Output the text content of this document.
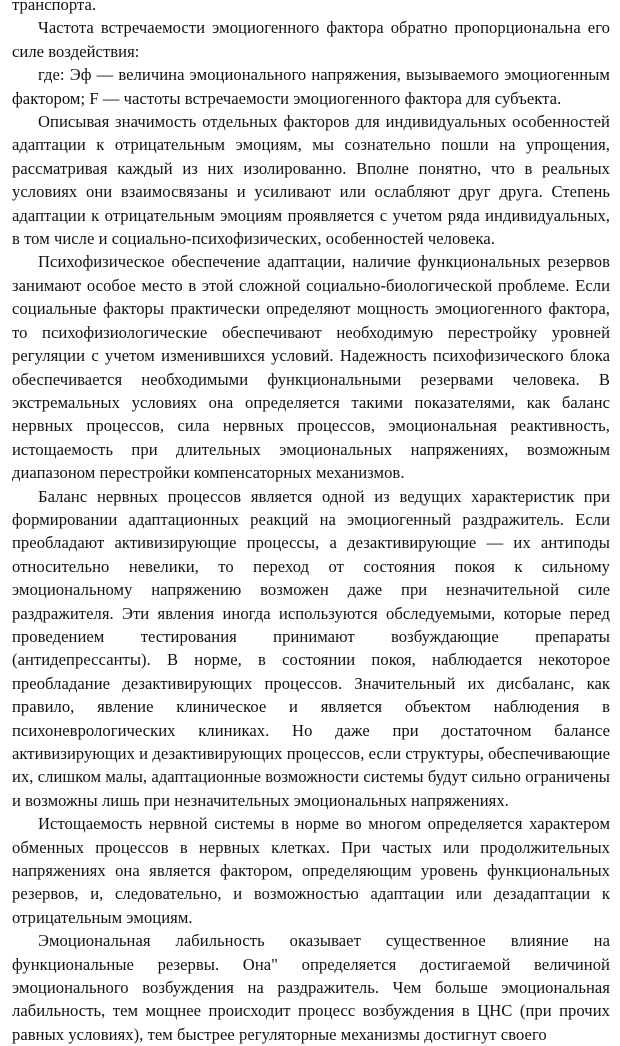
транспорта.

Частота встречаемости эмоциогенного фактора обратно пропорциональна его силе воздействия:

где: Эф — величина эмоционального напряжения, вызываемого эмоциогенным фактором; F — частоты встречаемости эмоциогенного фактора для субъекта.

Описывая значимость отдельных факторов для индивидуальных особенностей адаптации к отрицательным эмоциям, мы сознательно пошли на упрощения, рассматривая каждый из них изолированно. Вполне понятно, что в реальных условиях они взаимосвязаны и усиливают или ослабляют друг друга. Степень адаптации к отрицательным эмоциям проявляется с учетом ряда индивидуальных, в том числе и социально-психофизических, особенностей человека.

Психофизическое обеспечение адаптации, наличие функциональных резервов занимают особое место в этой сложной социально-биологической проблеме. Если социальные факторы практически определяют мощность эмоциогенного фактора, то психофизиологические обеспечивают необходимую перестройку уровней регуляции с учетом изменившихся условий. Надежность психофизического блока обеспечивается необходимыми функциональными резервами человека. В экстремальных условиях она определяется такими показателями, как баланс нервных процессов, сила нервных процессов, эмоциональная реактивность, истощаемость при длительных эмоциональных напряжениях, возможным диапазоном перестройки компенсаторных механизмов.

Баланс нервных процессов является одной из ведущих характеристик при формировании адаптационных реакций на эмоциогенный раздражитель. Если преобладают активизирующие процессы, а дезактивирующие — их антиподы относительно невелики, то переход от состояния покоя к сильному эмоциональному напряжению возможен даже при незначительной силе раздражителя. Эти явления иногда используются обследуемыми, которые перед проведением тестирования принимают возбуждающие препараты (антидепрессанты). В норме, в состоянии покоя, наблюдается некоторое преобладание дезактивирующих процессов. Значительный их дисбаланс, как правило, явление клиническое и является объектом наблюдения в психоневрологических клиниках. Но даже при достаточном балансе активизирующих и дезактивирующих процессов, если структуры, обеспечивающие их, слишком малы, адаптационные возможности системы будут сильно ограничены и возможны лишь при незначительных эмоциональных напряжениях.

Истощаемость нервной системы в норме во многом определяется характером обменных процессов в нервных клетках. При частых или продолжительных напряжениях она является фактором, определяющим уровень функциональных резервов, и, следовательно, и возможностью адаптации или дезадаптации к отрицательным эмоциям.

Эмоциональная лабильность оказывает существенное влияние на функциональные резервы. Она" определяется достигаемой величиной эмоционального возбуждения на раздражитель. Чем больше эмоциональная лабильность, тем мощнее происходит процесс возбуждения в ЦНС (при прочих равных условиях), тем быстрее регуляторные механизмы достигнут своего
